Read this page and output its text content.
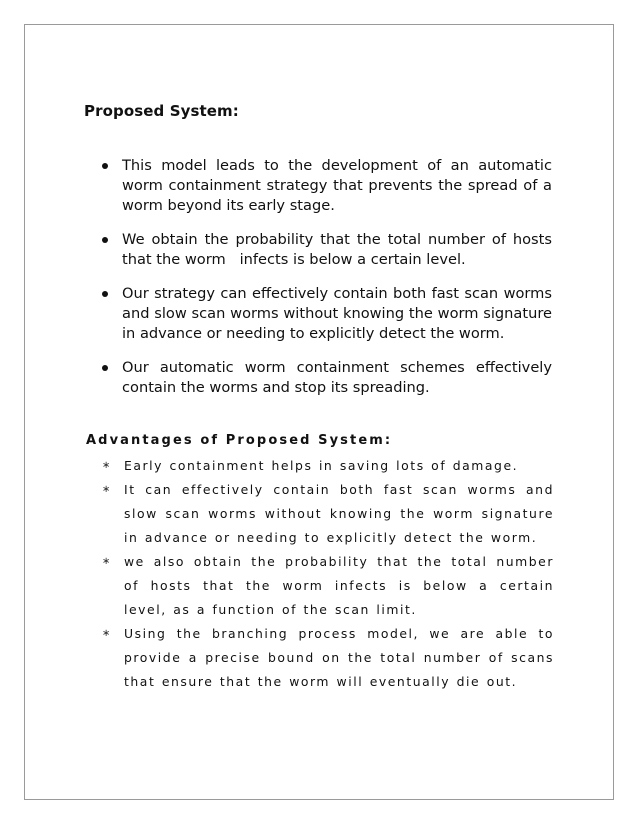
Proposed System:
This model leads to the development of an automatic worm containment strategy that prevents the spread of a worm beyond its early stage.
We obtain the probability that the total number of hosts that the worm   infects is below a certain level.
Our strategy can effectively contain both fast scan worms and slow scan worms without knowing the worm signature in advance or needing to explicitly detect the worm.
Our automatic worm containment schemes effectively contain the worms and stop its spreading.
Advantages of Proposed System:
∗ Early containment helps in saving lots of damage.
∗ It can effectively contain both fast scan worms and slow scan worms without knowing the worm signature in advance or needing to explicitly detect the worm.
∗ we also obtain the probability that the total number of hosts that the worm infects is below a certain level, as a function of the scan limit.
∗ Using the branching process model, we are able to provide a precise bound on the total number of scans that ensure that the worm will eventually die out.
